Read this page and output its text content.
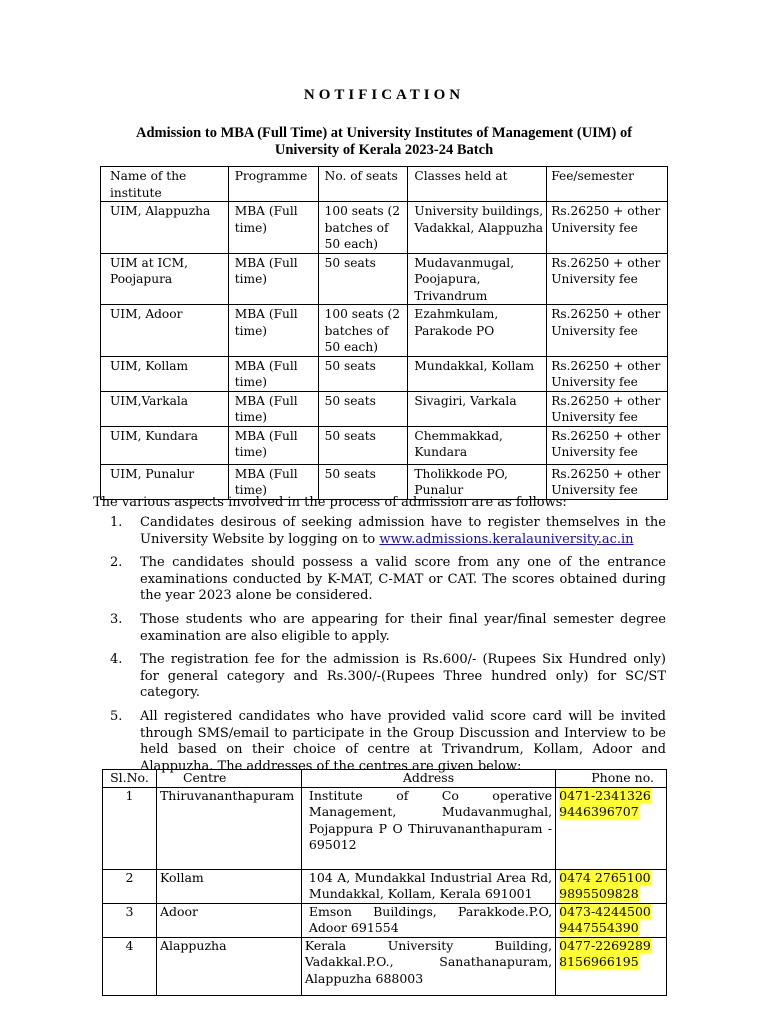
NOTIFICATION
Admission to MBA (Full Time) at University Institutes of Management (UIM) of
University of Kerala 2023-24 Batch
Name of the institute	Programme	No. of seats	Classes held at	Fee/semester
UIM, Alappuzha	MBA (Full time)	100 seats (2 batches of 50 each)	University buildings, Vadakkal, Alappuzha	Rs.26250 + other University fee
UIM at ICM, Poojapura	MBA (Full time)	50 seats	Mudavanmugal, Poojapura, Trivandrum	Rs.26250 + other University fee
UIM, Adoor	MBA (Full time)	100 seats (2 batches of 50 each)	Ezahmkulam, Parakode PO	Rs.26250 + other University fee
UIM, Kollam	MBA (Full time)	50 seats	Mundakkal, Kollam	Rs.26250 + other University fee
UIM,Varkala	MBA (Full time)	50 seats	Sivagiri, Varkala	Rs.26250 + other University fee
UIM, Kundara	MBA (Full time)	50 seats	Chemmakkad, Kundara	Rs.26250 + other University fee
UIM, Punalur	MBA (Full time)	50 seats	Tholikkode PO, Punalur	Rs.26250 + other University fee
The various aspects involved in the process of admission are as follows:
1. Candidates desirous of seeking admission have to register themselves in the University Website by logging on to www.admissions.keralauniversity.ac.in
2. The candidates should possess a valid score from any one of the entrance examinations conducted by K-MAT, C-MAT or CAT. The scores obtained during the year 2023 alone be considered.
3. Those students who are appearing for their final year/final semester degree examination are also eligible to apply.
4. The registration fee for the admission is Rs.600/- (Rupees Six Hundred only) for general category and Rs.300/-(Rupees Three hundred only) for SC/ST category.
5. All registered candidates who have provided valid score card will be invited through SMS/email to participate in the Group Discussion and Interview to be held based on their choice of centre at Trivandrum, Kollam, Adoor and Alappuzha. The addresses of the centres are given below:
Sl.No.	Centre	Address	Phone no.
1	Thiruvananthapuram	Institute of Co operative Management, Mudavanmughal, Pojappura P O Thiruvananthapuram - 695012	0471-2341326
9446396707
2	Kollam	104 A, Mundakkal Industrial Area Rd, Mundakkal, Kollam, Kerala 691001	0474 2765100
9895509828
3	Adoor	Emson Buildings, Parakkode.P.O, Adoor 691554	0473-4244500
9447554390
4	Alappuzha	Kerala University Building, Vadakkal.P.O., Sanathanapuram, Alappuzha 688003	0477-2269289
8156966195
